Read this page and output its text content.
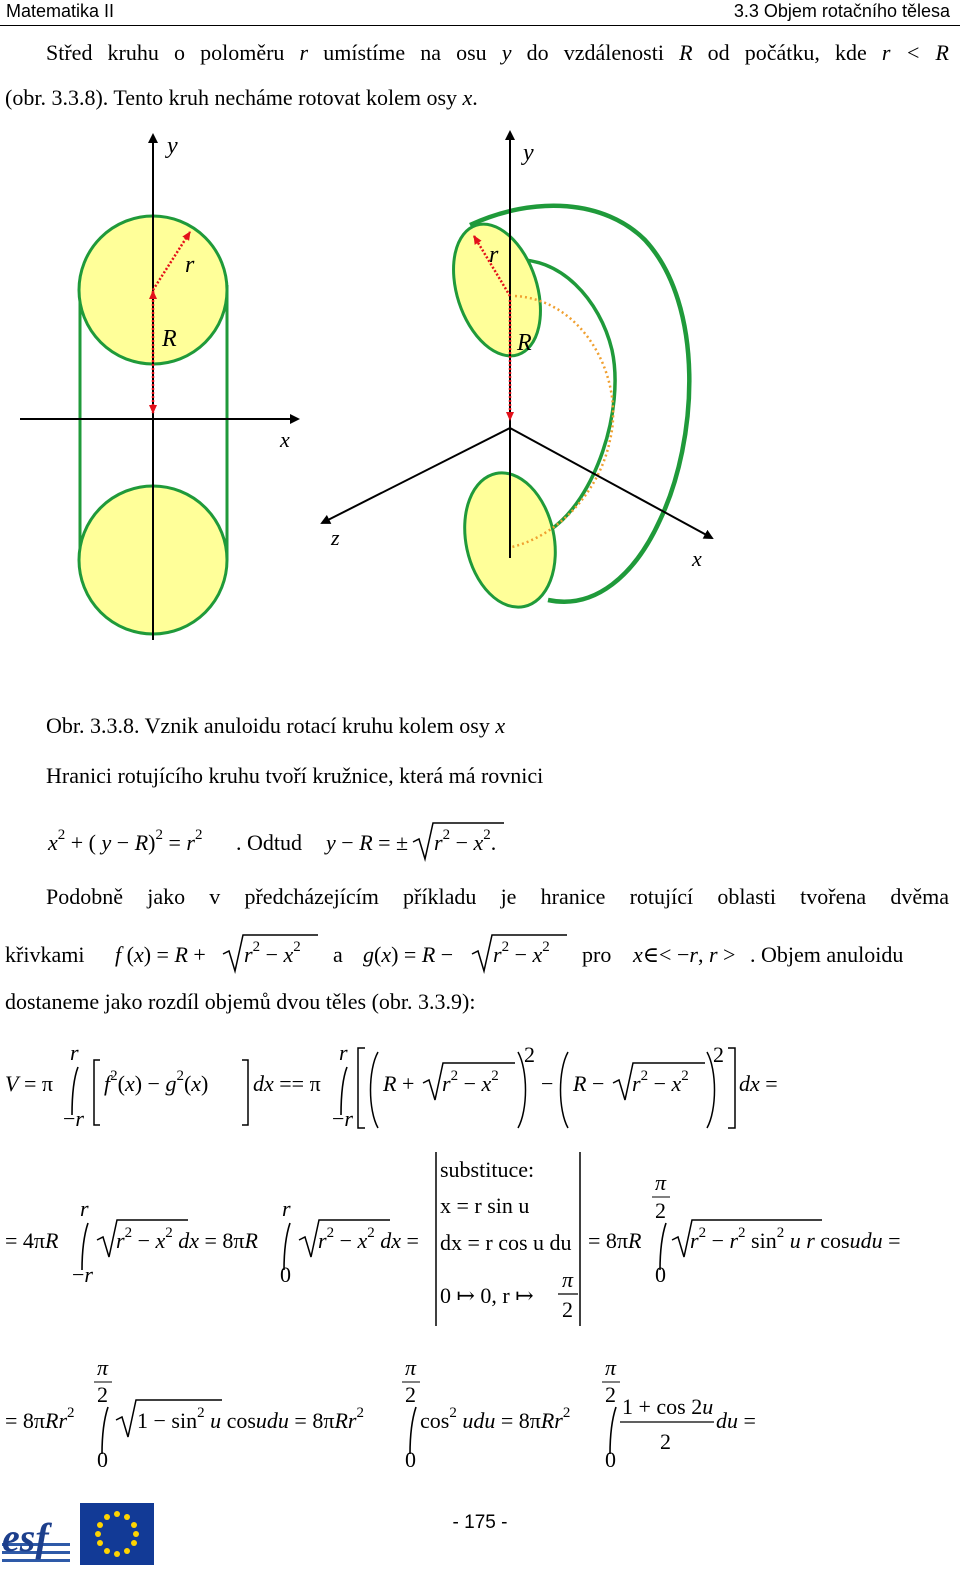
Matematika II	3.3 Objem rotačního tělesa
Střed kruhu o poloměru r umístíme na osu y do vzdálenosti R od počátku, kde r < R
(obr. 3.3.8). Tento kruh necháme rotovat kolem osy x.
y
x
r
R
y
z
x
r
R
Obr. 3.3.8. Vznik anuloidu rotací kruhu kolem osy x
Hranici rotujícího kruhu tvoří kružnice, která má rovnici
$x^2$ + ( $y - R)^2 = r^2$ . Odtud y − R = ± $r^2 - x^2$.
Podobně jako v předcházejícím příkladu je hranice rotující oblasti tvořena dvěma
křivkami f $(x) = R + r^2 - x^2$ a $g(x) = R - r^2 - x^2$ pro x∈< −r, r > . Objem anuloidu
dostaneme jako rozdíl objemů dvou těles (obr. 3.3.9):
V = π
r
−r
$f^2(x) - g^2(x)$ dx == π
r
−r
$R + r^2 - x^2$
2
− $R - r^2 - x^2$
2
dx =
= 4πR
r
−r
$r^2 - x^2$ dx = 8πR
r
0
$r^2 - x^2$ dx =
substituce:
x = r sin u
dx = r cos u du
0 ↦ 0, r ↦
π
2
= 8πR
π
2
0
$r^2 - r^2$ $\sin^2 u$ r cosudu =
= 8πRr$^2$
π
2
0
$1 - \sin^2 u$ cosudu = 8πRr$^2$
π
2
0
$\cos^2$ udu = 8πRr$^2$
π
2
0
1 + cos 2u
2
du =
esf	- 175 -
